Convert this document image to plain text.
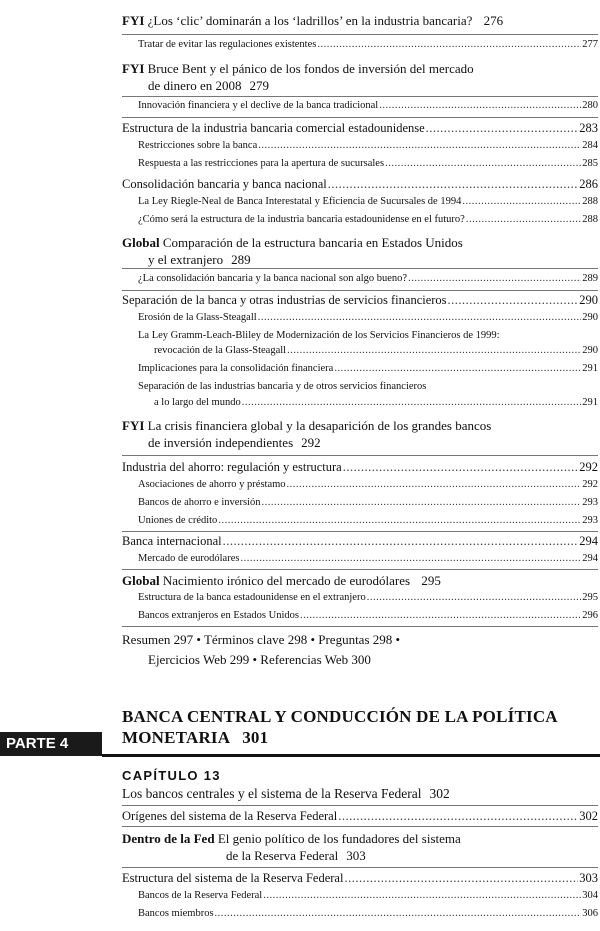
FYI ¿Los ‘clic’ dominarán a los ‘ladrillos’ en la industria bancaria? 276
Tratar de evitar las regulaciones existentes .....	277
FYI Bruce Bent y el pánico de los fondos de inversión del mercado
de dinero en 2008 279
Innovación financiera y el declive de la banca tradicional .....	280
Estructura de la industria bancaria comercial estadounidense .....	283
Restricciones sobre la banca .....	284
Respuesta a las restricciones para la apertura de sucursales .....	285
Consolidación bancaria y banca nacional .....	286
La Ley Riegle-Neal de Banca Interestatal y Eficiencia de Sucursales de 1994 .....	288
¿Cómo será la estructura de la industria bancaria estadounidense en el futuro? .....	288
Global Comparación de la estructura bancaria en Estados Unidos
y el extranjero 289
¿La consolidación bancaria y la banca nacional son algo bueno? .....	289
Separación de la banca y otras industrias de servicios financieros .....	290
Erosión de la Glass-Steagall .....	290
La Ley Gramm-Leach-Bliley de Modernización de los Servicios Financieros de 1999:
revocación de la Glass-Steagall .....	290
Implicaciones para la consolidación financiera .....	291
Separación de las industrias bancaria y de otros servicios financieros
a lo largo del mundo .....	291
FYI La crisis financiera global y la desaparición de los grandes bancos
de inversión independientes 292
Industria del ahorro: regulación y estructura .....	292
Asociaciones de ahorro y préstamo .....	292
Bancos de ahorro e inversión .....	293
Uniones de crédito .....	293
Banca internacional .....	294
Mercado de eurodólares .....	294
Global Nacimiento irónico del mercado de eurodólares 295
Estructura de la banca estadounidense en el extranjero .....	295
Bancos extranjeros en Estados Unidos .....	296
Resumen 297 • Términos clave 298 • Preguntas 298 •
Ejercicios Web 299 • Referencias Web 300
PARTE 4
BANCA CENTRAL Y CONDUCCIÓN DE LA POLÍTICA
MONETARIA 301
CAPÍTULO 13
Los bancos centrales y el sistema de la Reserva Federal 302
Orígenes del sistema de la Reserva Federal .....	302
Dentro de la Fed El genio político de los fundadores del sistema
de la Reserva Federal 303
Estructura del sistema de la Reserva Federal .....	303
Bancos de la Reserva Federal .....	304
Bancos miembros .....	306
